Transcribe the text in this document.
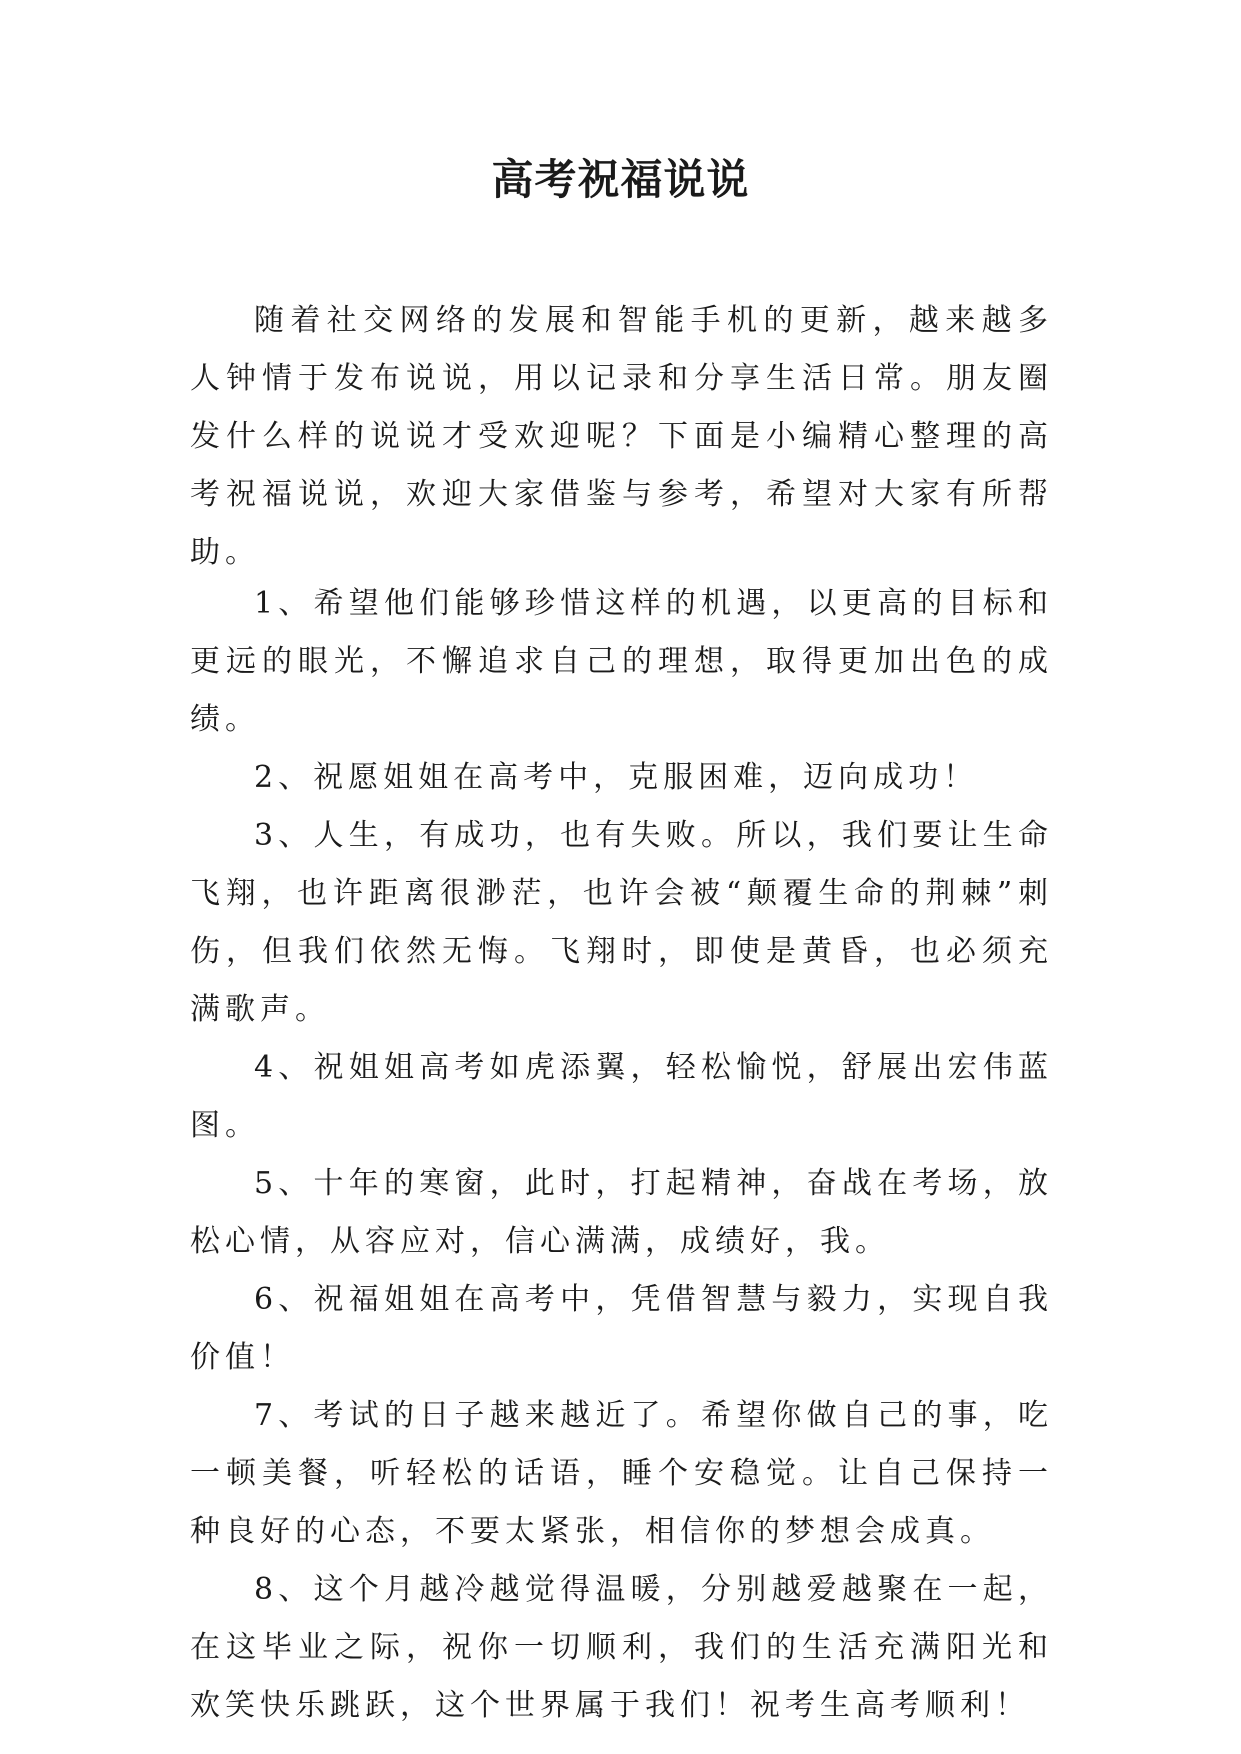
高考祝福说说

随着社交网络的发展和智能手机的更新，越来越多人钟情于发布说说，用以记录和分享生活日常。朋友圈发什么样的说说才受欢迎呢？下面是小编精心整理的高考祝福说说，欢迎大家借鉴与参考，希望对大家有所帮助。

1、希望他们能够珍惜这样的机遇，以更高的目标和更远的眼光，不懈追求自己的理想，取得更加出色的成绩。
2、祝愿姐姐在高考中，克服困难，迈向成功！
3、人生，有成功，也有失败。所以，我们要让生命飞翔，也许距离很渺茫，也许会被“颠覆生命的荆棘”刺伤，但我们依然无悔。飞翔时，即使是黄昏，也必须充满歌声。
4、祝姐姐高考如虎添翼，轻松愉悦，舒展出宏伟蓝图。
5、十年的寒窗，此时，打起精神，奋战在考场，放松心情，从容应对，信心满满，成绩好，我。
6、祝福姐姐在高考中，凭借智慧与毅力，实现自我价值！
7、考试的日子越来越近了。希望你做自己的事，吃一顿美餐，听轻松的话语，睡个安稳觉。让自己保持一种良好的心态，不要太紧张，相信你的梦想会成真。
8、这个月越冷越觉得温暖，分别越爱越聚在一起，在这毕业之际，祝你一切顺利，我们的生活充满阳光和欢笑快乐跳跃，这个世界属于我们！祝考生高考顺利！
